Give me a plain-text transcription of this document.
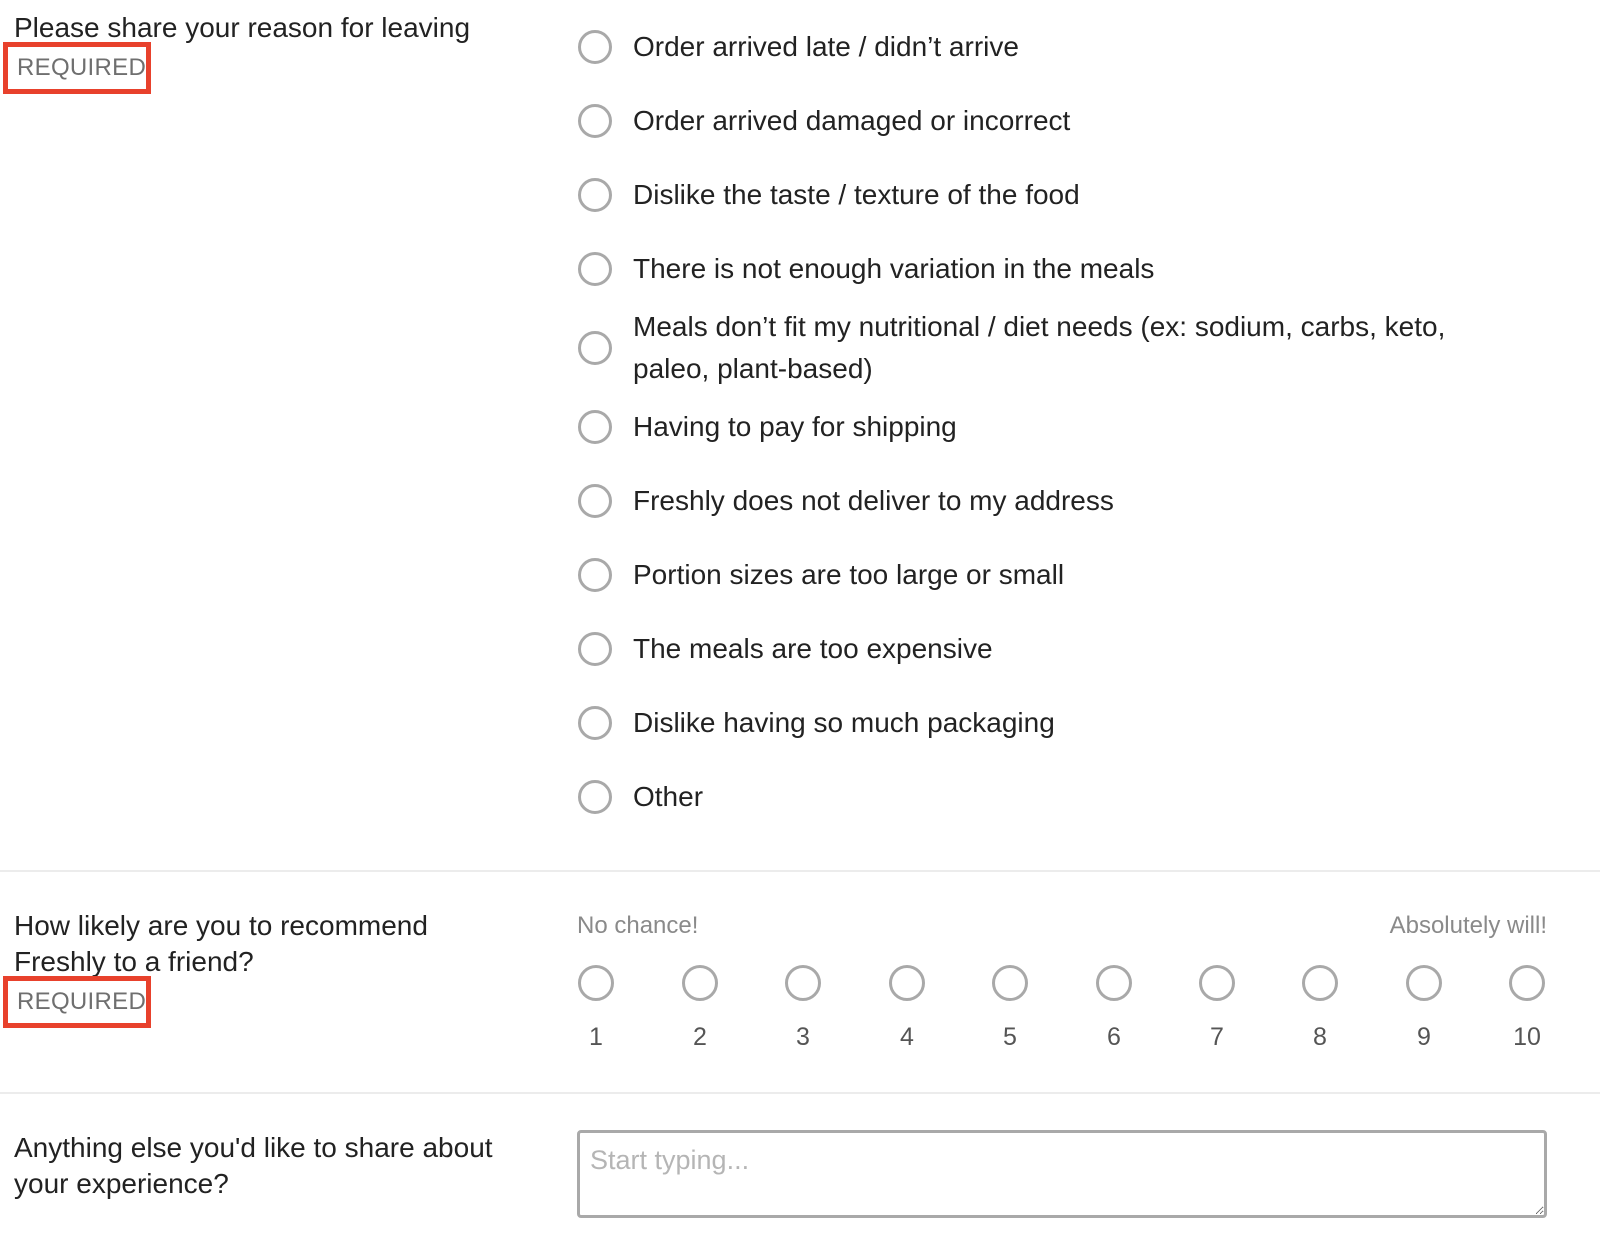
Please share your reason for leaving
REQUIRED
Order arrived late / didn’t arrive
Order arrived damaged or incorrect
Dislike the taste / texture of the food
There is not enough variation in the meals
Meals don’t fit my nutritional / diet needs (ex: sodium, carbs, keto, paleo, plant-based)
Having to pay for shipping
Freshly does not deliver to my address
Portion sizes are too large or small
The meals are too expensive
Dislike having so much packaging
Other
How likely are you to recommend Freshly to a friend?
REQUIRED
No chance!	Absolutely will!
1	2	3	4	5	6	7	8	9	10
Anything else you'd like to share about your experience?
Start typing...
